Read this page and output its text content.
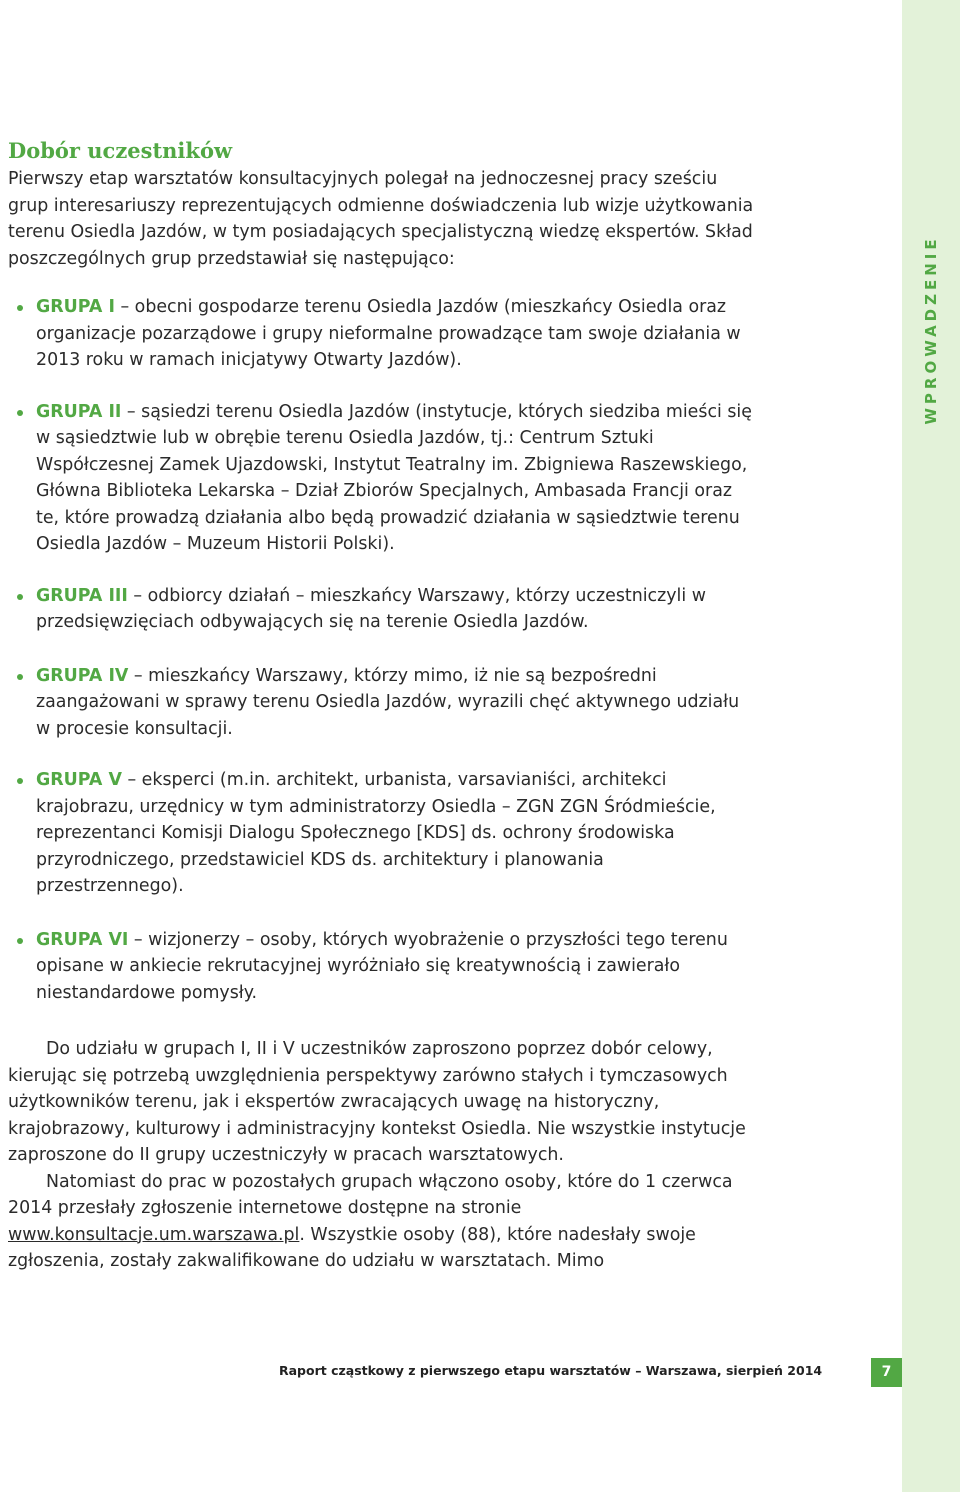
WPROWADZENIE
Dobór uczestników

Pierwszy etap warsztatów konsultacyjnych polegał na jednoczesnej pracy sześciu grup interesariuszy reprezentujących odmienne doświadczenia lub wizje użytkowania terenu Osiedla Jazdów, w tym posiadających specjalistyczną wiedzę ekspertów. Skład poszczególnych grup przedstawiał się następująco:

GRUPA I – obecni gospodarze terenu Osiedla Jazdów (mieszkańcy Osiedla oraz organizacje pozarządowe i grupy nieformalne prowadzące tam swoje działania w 2013 roku w ramach inicjatywy Otwarty Jazdów).
GRUPA II – sąsiedzi terenu Osiedla Jazdów (instytucje, których siedziba mieści się w sąsiedztwie lub w obrębie terenu Osiedla Jazdów, tj.: Centrum Sztuki Współczesnej Zamek Ujazdowski, Instytut Teatralny im. Zbigniewa Raszewskiego, Główna Biblioteka Lekarska – Dział Zbiorów Specjalnych, Ambasada Francji oraz te, które prowadzą działania albo będą prowadzić działania w sąsiedztwie terenu Osiedla Jazdów – Muzeum Historii Polski).
GRUPA III – odbiorcy działań – mieszkańcy Warszawy, którzy uczestniczyli w przedsięwzięciach odbywających się na terenie Osiedla Jazdów.
GRUPA IV – mieszkańcy Warszawy, którzy mimo, iż nie są bezpośredni zaangażowani w sprawy terenu Osiedla Jazdów, wyrazili chęć aktywnego udziału w procesie konsultacji.
GRUPA V – eksperci (m.in. architekt, urbanista, varsavianiści, architekci krajobrazu, urzędnicy w tym administratorzy Osiedla – ZGN ZGN Śródmieście, reprezentanci Komisji Dialogu Społecznego [KDS] ds. ochrony środowiska przyrodniczego, przedstawiciel KDS ds. architektury i planowania przestrzennego).
GRUPA VI – wizjonerzy – osoby, których wyobrażenie o przyszłości tego terenu opisane w ankiecie rekrutacyjnej wyróżniało się kreatywnością i zawierało niestandardowe pomysły.

Do udziału w grupach I, II i V uczestników zaproszono poprzez dobór celowy, kierując się potrzebą uwzględnienia perspektywy zarówno stałych i tymczasowych użytkowników terenu, jak i ekspertów zwracających uwagę na historyczny, krajobrazowy, kulturowy i administracyjny kontekst Osiedla. Nie wszystkie instytucje zaproszone do II grupy uczestniczyły w pracach warsztatowych.

Natomiast do prac w pozostałych grupach włączono osoby, które do 1 czerwca 2014 przesłały zgłoszenie internetowe dostępne na stronie www.konsultacje.um.warszawa.pl. Wszystkie osoby (88), które nadesłały swoje zgłoszenia, zostały zakwalifikowane do udziału w warsztatach. Mimo

Raport cząstkowy z pierwszego etapu warsztatów – Warszawa, sierpień 2014	7
